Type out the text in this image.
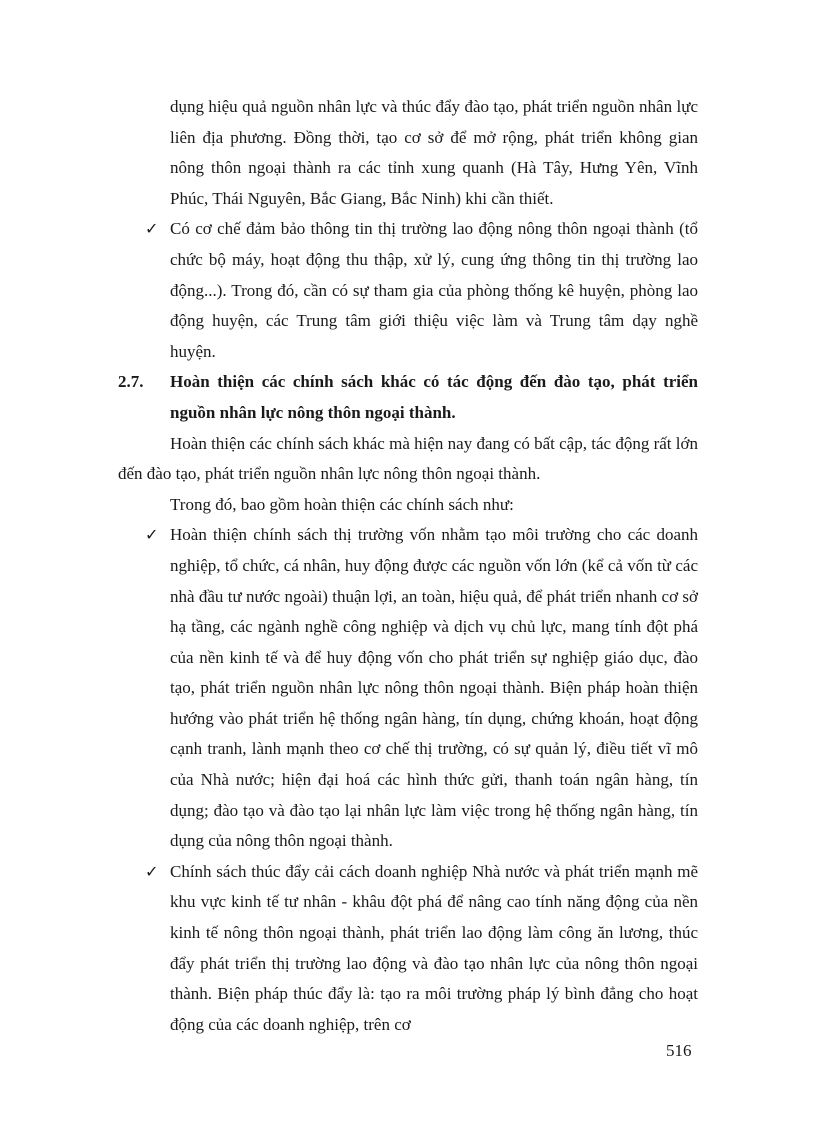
dụng hiệu quả nguồn nhân lực và thúc đẩy đào tạo, phát triển nguồn nhân lực liên địa phương. Đồng thời, tạo cơ sở để mở rộng, phát triển không gian nông thôn ngoại thành ra các tỉnh xung quanh (Hà Tây, Hưng Yên, Vĩnh Phúc, Thái Nguyên, Bắc Giang, Bắc Ninh) khi cần thiết.

✓ Có cơ chế đảm bảo thông tin thị trường lao động nông thôn ngoại thành (tổ chức bộ máy, hoạt động thu thập, xử lý, cung ứng thông tin thị trường lao động...). Trong đó, cần có sự tham gia của phòng thống kê huyện, phòng lao động huyện, các Trung tâm giới thiệu việc làm và Trung tâm dạy nghề huyện.
2.7. Hoàn thiện các chính sách khác có tác động đến đào tạo, phát triển nguồn nhân lực nông thôn ngoại thành.

Hoàn thiện các chính sách khác mà hiện nay đang có bất cập, tác động rất lớn đến đào tạo, phát triển nguồn nhân lực nông thôn ngoại thành.

Trong đó, bao gồm hoàn thiện các chính sách như:

✓ Hoàn thiện chính sách thị trường vốn nhằm tạo môi trường cho các doanh nghiệp, tổ chức, cá nhân, huy động được các nguồn vốn lớn (kể cả vốn từ các nhà đầu tư nước ngoài) thuận lợi, an toàn, hiệu quả, để phát triển nhanh cơ sở hạ tầng, các ngành nghề công nghiệp và dịch vụ chủ lực, mang tính đột phá của nền kinh tế và để huy động vốn cho phát triển sự nghiệp giáo dục, đào tạo, phát triển nguồn nhân lực nông thôn ngoại thành. Biện pháp hoàn thiện hướng vào phát triển hệ thống ngân hàng, tín dụng, chứng khoán, hoạt động cạnh tranh, lành mạnh theo cơ chế thị trường, có sự quản lý, điều tiết vĩ mô của Nhà nước; hiện đại hoá các hình thức gửi, thanh toán ngân hàng, tín dụng; đào tạo và đào tạo lại nhân lực làm việc trong hệ thống ngân hàng, tín dụng của nông thôn ngoại thành.
✓ Chính sách thúc đẩy cải cách doanh nghiệp Nhà nước và phát triển mạnh mẽ khu vực kinh tế tư nhân - khâu đột phá để nâng cao tính năng động của nền kinh tế nông thôn ngoại thành, phát triển lao động làm công ăn lương, thúc đẩy phát triển thị trường lao động và đào tạo nhân lực của nông thôn ngoại thành. Biện pháp thúc đẩy là: tạo ra môi trường pháp lý bình đẳng cho hoạt động của các doanh nghiệp, trên cơ
516
